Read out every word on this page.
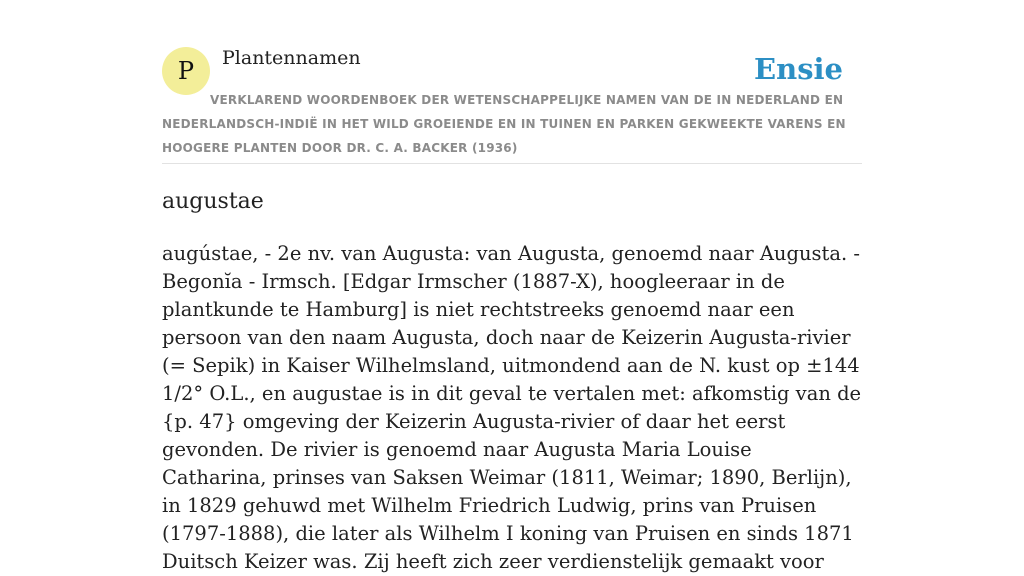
P	Plantennamen	Ensie

VERKLAREND WOORDENBOEK DER WETENSCHAPPELIJKE NAMEN VAN DE IN NEDERLAND EN NEDERLANDSCH-INDIË IN HET WILD GROEIENDE EN IN TUINEN EN PARKEN GEKWEEKTE VARENS EN HOOGERE PLANTEN DOOR DR. C. A. BACKER (1936)

augustae

augústae, - 2e nv. van Augusta: van Augusta, genoemd naar Augusta. - Begonĭa - Irmsch. [Edgar Irmscher (1887-X), hoogleeraar in de plantkunde te Hamburg] is niet rechtstreeks genoemd naar een persoon van den naam Augusta, doch naar de Keizerin Augusta-rivier (= Sepik) in Kaiser Wilhelmsland, uitmondend aan de N. kust op ±144 1/2° O.L., en augustae is in dit geval te vertalen met: afkomstig van de {p. 47} omgeving der Keizerin Augusta-rivier of daar het eerst gevonden. De rivier is genoemd naar Augusta Maria Louise Catharina, prinses van Saksen Weimar (1811, Weimar; 1890, Berlijn), in 1829 gehuwd met Wilhelm Friedrich Ludwig, prins van Pruisen (1797-1888), die later als Wilhelm I koning van Pruisen en sinds 1871 Duitsch Keizer was. Zij heeft zich zeer verdienstelijk gemaakt voor
